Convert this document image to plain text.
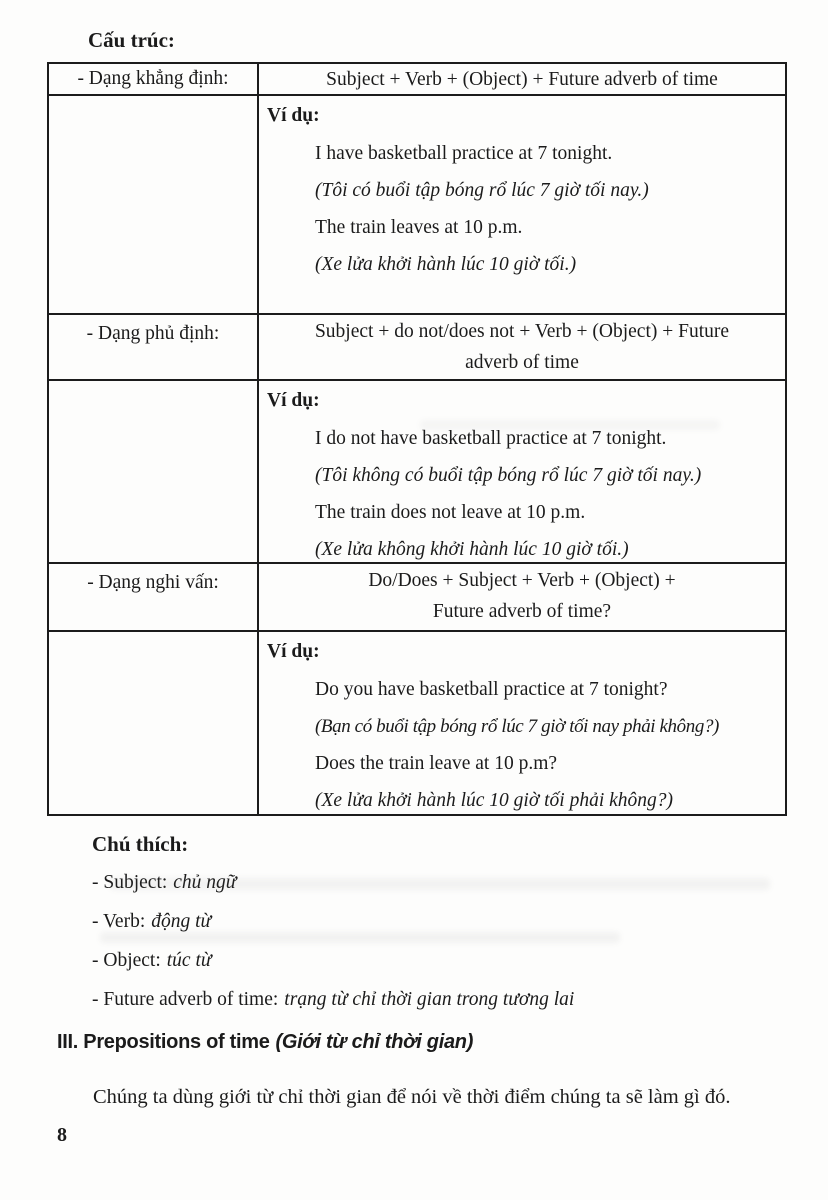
Cấu trúc:
- Dạng khẳng định:	Subject + Verb + (Object) + Future adverb of time
Ví dụ:
I have basketball practice at 7 tonight.
(Tôi có buổi tập bóng rổ lúc 7 giờ tối nay.)
The train leaves at 10 p.m.
(Xe lửa khởi hành lúc 10 giờ tối.)
- Dạng phủ định:	Subject + do not/does not + Verb + (Object) + Future
adverb of time
Ví dụ:
I do not have basketball practice at 7 tonight.
(Tôi không có buổi tập bóng rổ lúc 7 giờ tối nay.)
The train does not leave at 10 p.m.
(Xe lửa không khởi hành lúc 10 giờ tối.)
- Dạng nghi vấn:	Do/Does + Subject + Verb + (Object) +
Future adverb of time?
Ví dụ:
Do you have basketball practice at 7 tonight?
(Bạn có buổi tập bóng rổ lúc 7 giờ tối nay phải không?)
Does the train leave at 10 p.m?
(Xe lửa khởi hành lúc 10 giờ tối phải không?)
Chú thích:
- Subject: chủ ngữ
- Verb: động từ
- Object: túc từ
- Future adverb of time: trạng từ chỉ thời gian trong tương lai
III. Prepositions of time (Giới từ chỉ thời gian)
Chúng ta dùng giới từ chỉ thời gian để nói về thời điểm chúng ta sẽ làm gì đó.
8
